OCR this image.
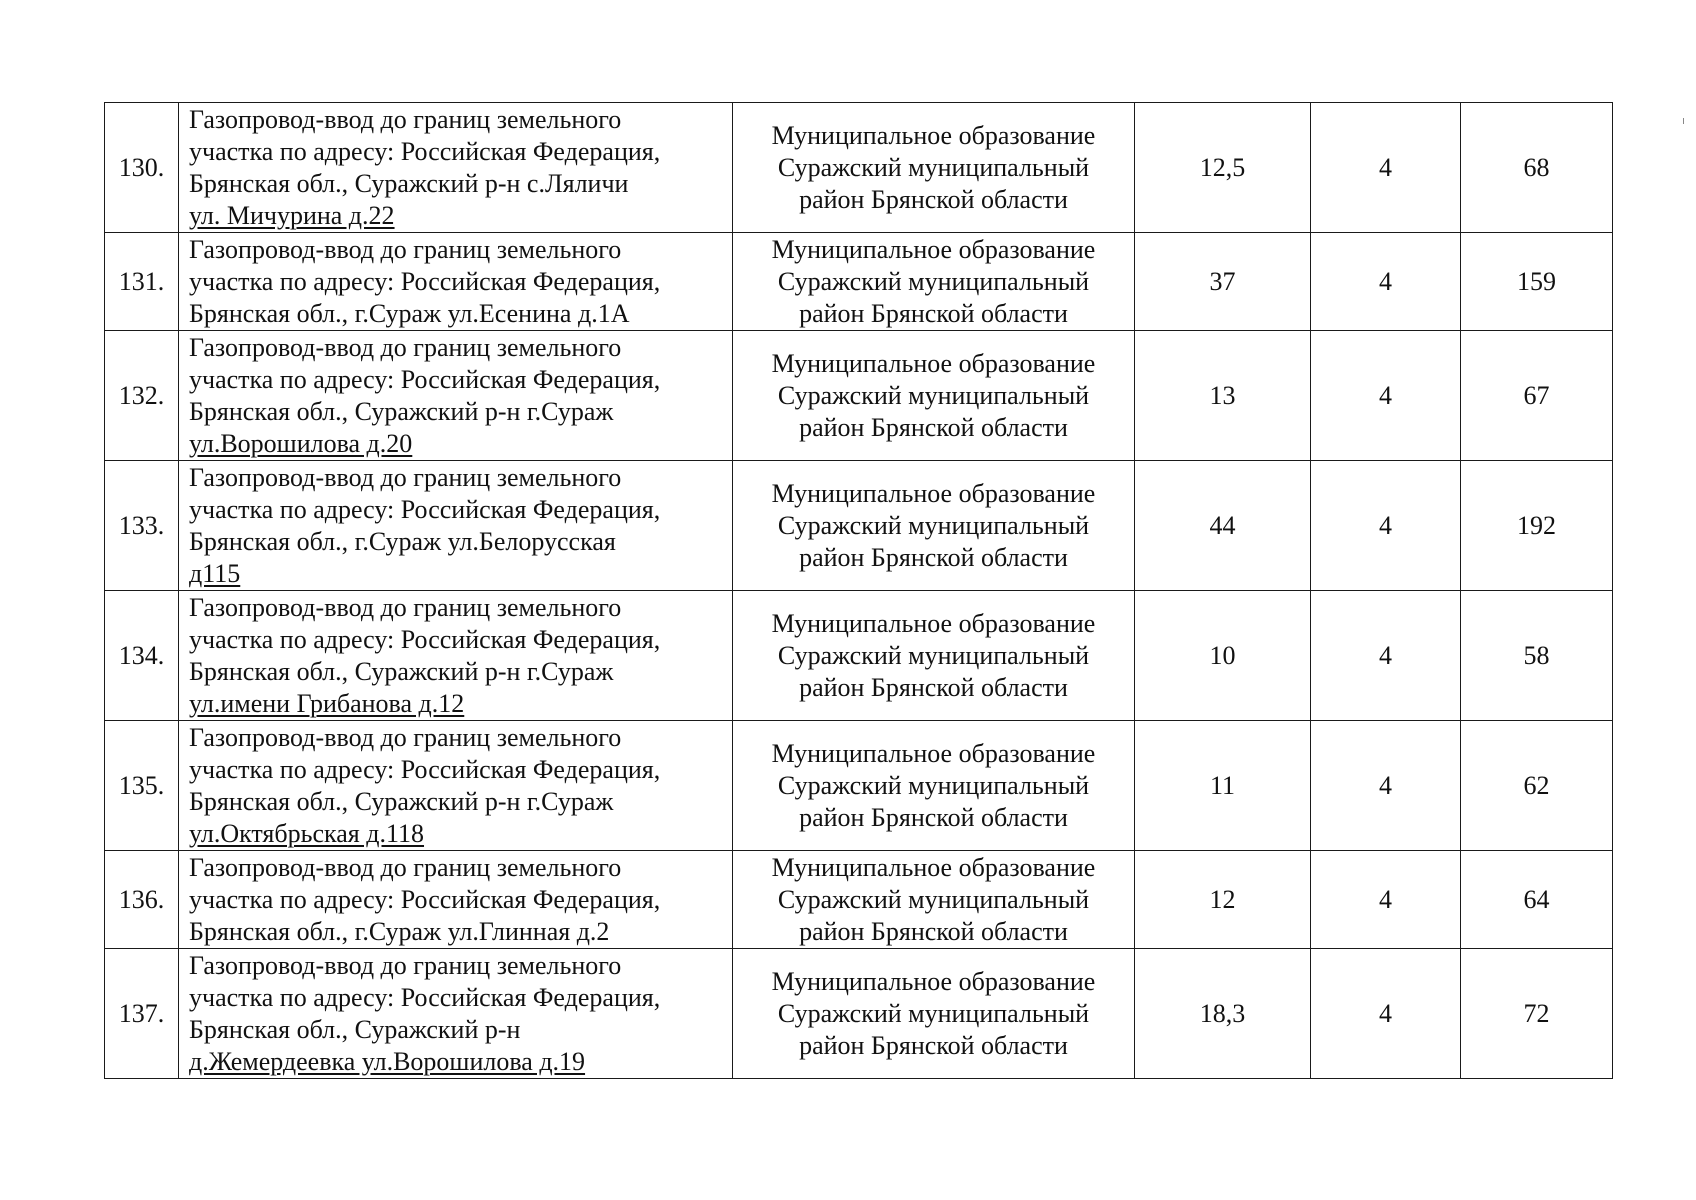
130.	Газопровод-ввод до границ земельного
участка по адресу: Российская Федерация,
Брянская обл., Суражский р-н с.Ляличи
ул. Мичурина д.22	Муниципальное образование
Суражский муниципальный
район Брянской области	12,5	4	68
131.	Газопровод-ввод до границ земельного
участка по адресу: Российская Федерация,
Брянская обл., г.Сураж ул.Есенина д.1А	Муниципальное образование
Суражский муниципальный
район Брянской области	37	4	159
132.	Газопровод-ввод до границ земельного
участка по адресу: Российская Федерация,
Брянская обл., Суражский р-н г.Сураж
ул.Ворошилова д.20	Муниципальное образование
Суражский муниципальный
район Брянской области	13	4	67
133.	Газопровод-ввод до границ земельного
участка по адресу: Российская Федерация,
Брянская обл., г.Сураж ул.Белорусская
д115	Муниципальное образование
Суражский муниципальный
район Брянской области	44	4	192
134.	Газопровод-ввод до границ земельного
участка по адресу: Российская Федерация,
Брянская обл., Суражский р-н г.Сураж
ул.имени Грибанова д.12	Муниципальное образование
Суражский муниципальный
район Брянской области	10	4	58
135.	Газопровод-ввод до границ земельного
участка по адресу: Российская Федерация,
Брянская обл., Суражский р-н г.Сураж
ул.Октябрьская д.118	Муниципальное образование
Суражский муниципальный
район Брянской области	11	4	62
136.	Газопровод-ввод до границ земельного
участка по адресу: Российская Федерация,
Брянская обл., г.Сураж ул.Глинная д.2	Муниципальное образование
Суражский муниципальный
район Брянской области	12	4	64
137.	Газопровод-ввод до границ земельного
участка по адресу: Российская Федерация,
Брянская обл., Суражский р-н
д.Жемердеевка ул.Ворошилова д.19	Муниципальное образование
Суражский муниципальный
район Брянской области	18,3	4	72
